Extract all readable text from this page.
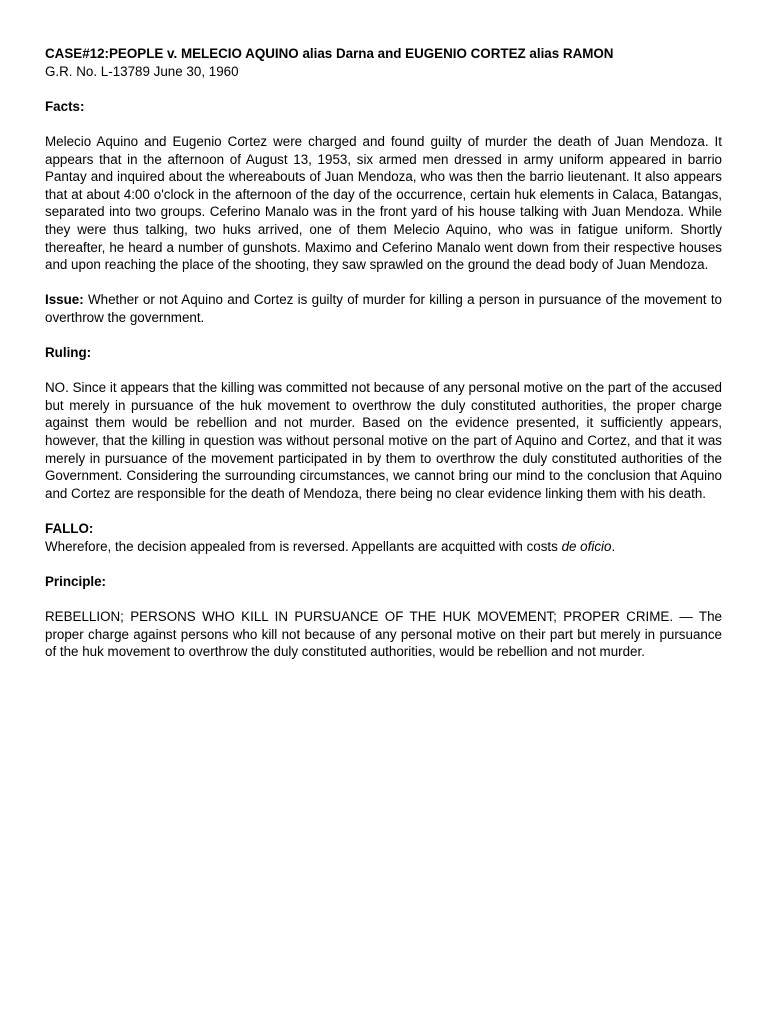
CASE#12:PEOPLE v. MELECIO AQUINO alias Darna and EUGENIO CORTEZ alias RAMON
G.R. No. L-13789 June 30, 1960
Facts:
Melecio Aquino and Eugenio Cortez were charged and found guilty of murder the death of Juan Mendoza. It appears that in the afternoon of August 13, 1953, six armed men dressed in army uniform appeared in barrio Pantay and inquired about the whereabouts of Juan Mendoza, who was then the barrio lieutenant. It also appears that at about 4:00 o'clock in the afternoon of the day of the occurrence, certain huk elements in Calaca, Batangas, separated into two groups. Ceferino Manalo was in the front yard of his house talking with Juan Mendoza. While they were thus talking, two huks arrived, one of them Melecio Aquino, who was in fatigue uniform. Shortly thereafter, he heard a number of gunshots. Maximo and Ceferino Manalo went down from their respective houses and upon reaching the place of the shooting, they saw sprawled on the ground the dead body of Juan Mendoza.
Issue: Whether or not Aquino and Cortez is guilty of murder for killing a person in pursuance of the movement to overthrow the government.
Ruling:
NO. Since it appears that the killing was committed not because of any personal motive on the part of the accused but merely in pursuance of the huk movement to overthrow the duly constituted authorities, the proper charge against them would be rebellion and not murder. Based on the evidence presented, it sufficiently appears, however, that the killing in question was without personal motive on the part of Aquino and Cortez, and that it was merely in pursuance of the movement participated in by them to overthrow the duly constituted authorities of the Government. Considering the surrounding circumstances, we cannot bring our mind to the conclusion that Aquino and Cortez are responsible for the death of Mendoza, there being no clear evidence linking them with his death.
FALLO:
Wherefore, the decision appealed from is reversed. Appellants are acquitted with costs de oficio.
Principle:
REBELLION; PERSONS WHO KILL IN PURSUANCE OF THE HUK MOVEMENT; PROPER CRIME. — The proper charge against persons who kill not because of any personal motive on their part but merely in pursuance of the huk movement to overthrow the duly constituted authorities, would be rebellion and not murder.
